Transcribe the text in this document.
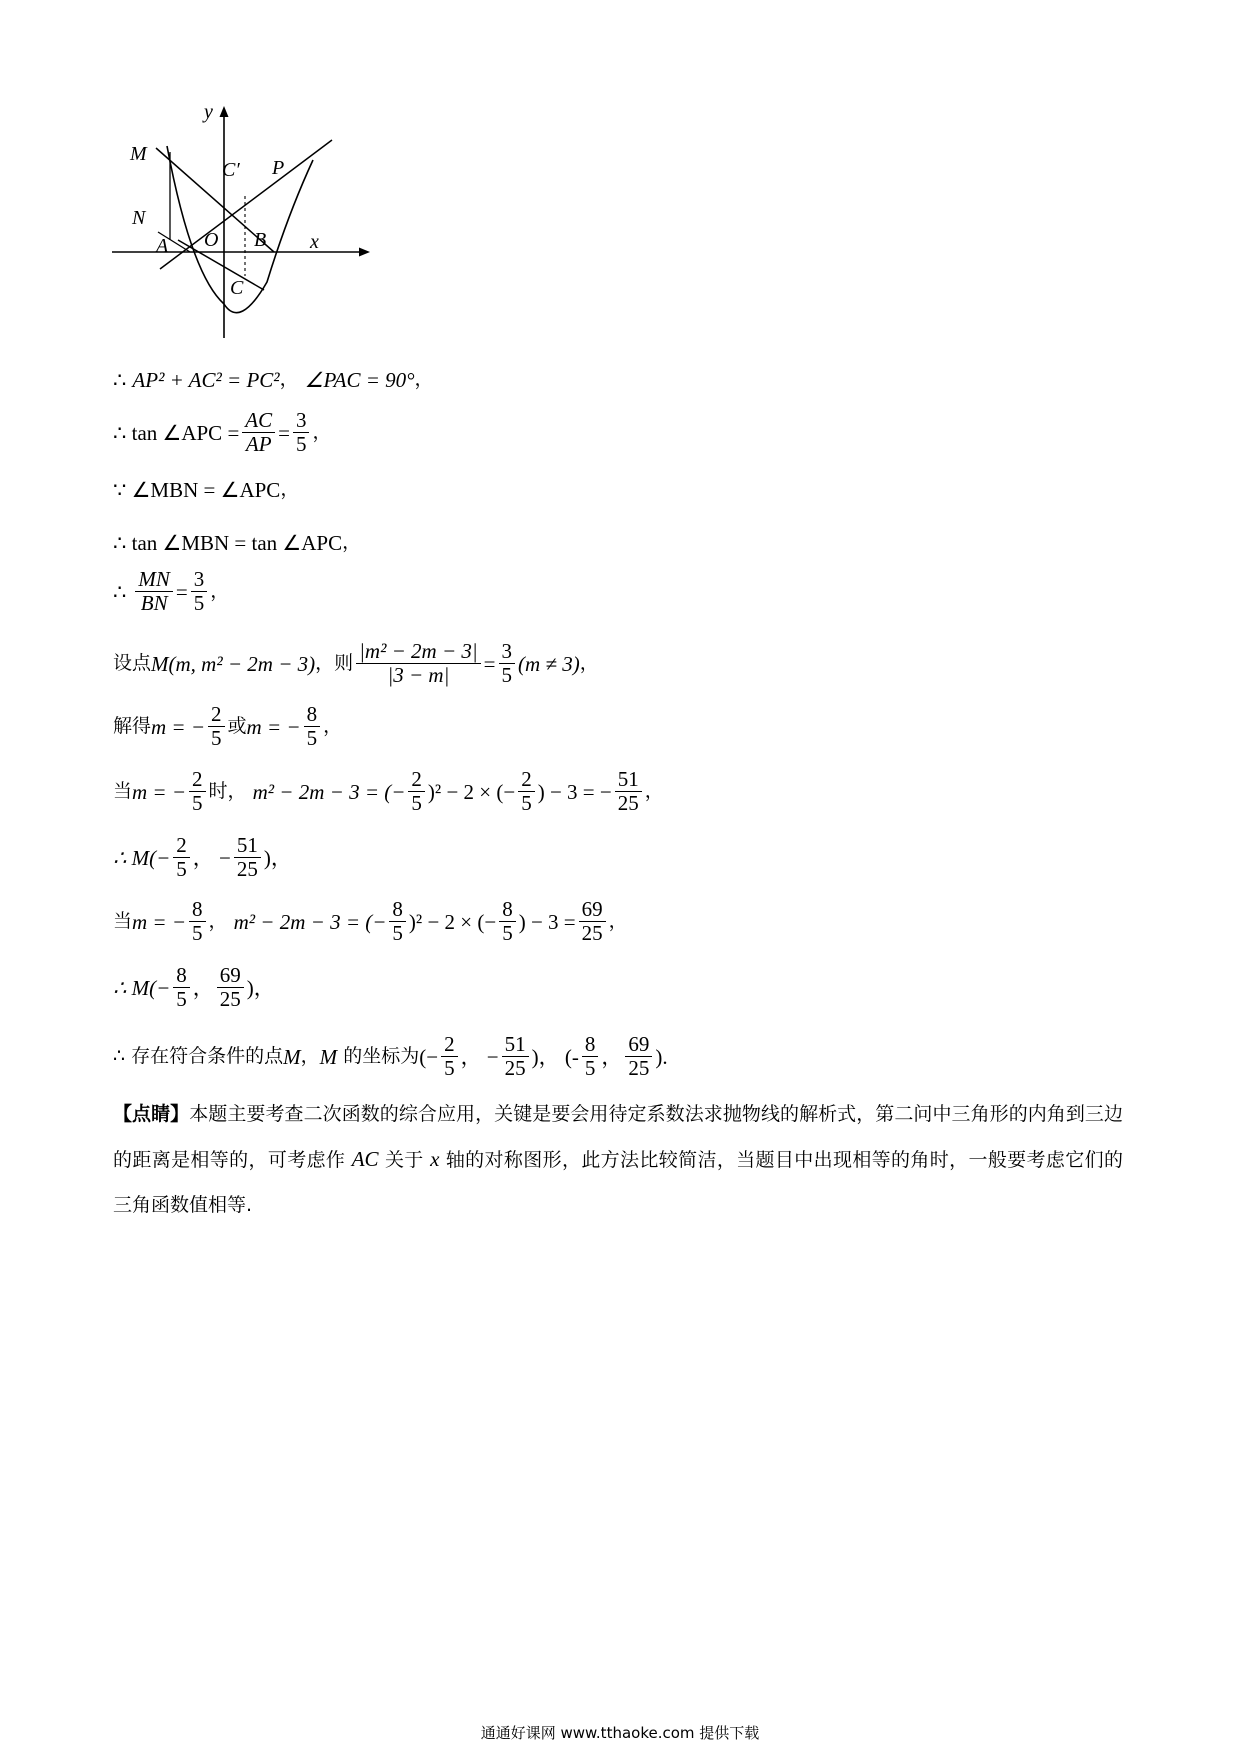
y
x
M
N
A O B
C
C′ P
∴
AP² + AC² = PC² ，
∠PAC = 90° ，
∴ tan ∠APC = $\frac{AC}{AP} = \frac{3}{5}$ ，
∵ ∠MBN = ∠APC ，
∴ tan ∠MBN = tan ∠APC ，
∴
$\frac{MN}{BN} = \frac{3}{5}$ ，
设点 M(m, m² − 2m − 3) ，则 $\frac{\text{|m² − 2m − 3|}}{|3 - m|} = \frac{3}{5} (m \ne 3)$ ，
解得 m = − $\frac{2}{5}$ 或 m = − $\frac{8}{5}$ ，
当 m = − $\frac{2}{5}$ 时，
m² − 2m − 3 = (− $\frac{2}{5} )^2 - 2$ × (− $\frac{2}{5}$ ) − 3 = − $\frac{51}{25}$ ，
∴ $M(- \frac{2}{5}$ ， − $\frac{51}{25}$ )，
当 m = − $\frac{8}{5}$ ，
m² − 2m − 3 = (− $\frac{8}{5} )^2 - 2$ × (− $\frac{8}{5}$ ) − $3 = \frac{69}{25}$ ，
∴ $M(- \frac{8}{5}$ ， $\frac{69}{25}$ )，
∴ 存在符合条件的点 M ， M
的坐标为 (− $\frac{2}{5}$ ， − $\frac{51}{25}$ )， (- $\frac{8}{5}$ ， $\frac{69}{25}$ ).
【点睛】本题主要考查二次函数的综合应用，关键是要会用待定系数法求抛物线的解析式，第二问中三角形的内角到三边的距离是相等的，可考虑作 AC 关于 x 轴的对称图形，此方法比较简洁，当题目中出现相等的角时，一般要考虑它们的三角函数值相等.
通通好课网 www.tthaoke.com 提供下载
